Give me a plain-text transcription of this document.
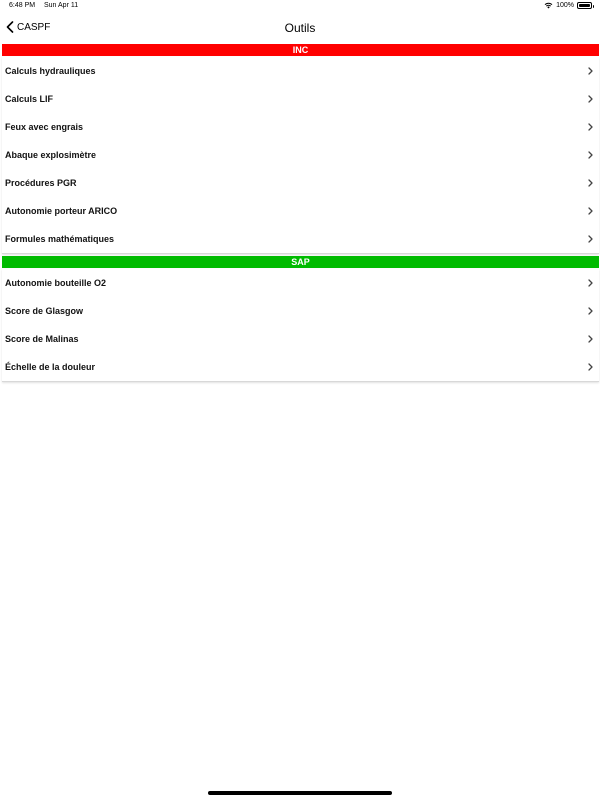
6:48 PM Sun Apr 11	100%
CASPF	Outils
INC
Calculs hydrauliques
Calculs LIF
Feux avec engrais
Abaque explosimètre
Procédures PGR
Autonomie porteur ARICO
Formules mathématiques
SAP
Autonomie bouteille O2
Score de Glasgow
Score de Malinas
Échelle de la douleur
